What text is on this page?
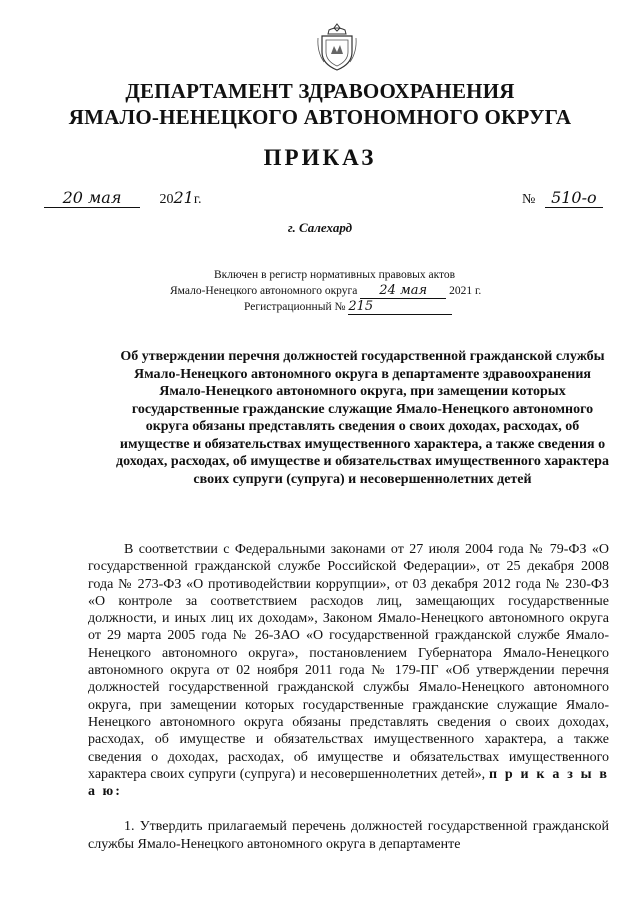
ДЕПАРТАМЕНТ ЗДРАВООХРАНЕНИЯ
ЯМАЛО-НЕНЕЦКОГО АВТОНОМНОГО ОКРУГА
ПРИКАЗ
20 мая	2021г.	№ 510-о
г. Салехард
Включен в регистр нормативных правовых актов
Ямало-Ненецкого автономного округа 24 мая 2021 г.
Регистрационный № 215
Об утверждении перечня должностей государственной гражданской службы Ямало-Ненецкого автономного округа в департаменте здравоохранения Ямало-Ненецкого автономного округа, при замещении которых государственные гражданские служащие Ямало-Ненецкого автономного округа обязаны представлять сведения о своих доходах, расходах, об имуществе и обязательствах имущественного характера, а также сведения о доходах, расходах, об имуществе и обязательствах имущественного характера своих супруги (супруга) и несовершеннолетних детей

В соответствии с Федеральными законами от 27 июля 2004 года № 79-ФЗ «О государственной гражданской службе Российской Федерации», от 25 декабря 2008 года № 273-ФЗ «О противодействии коррупции», от 03 декабря 2012 года № 230-ФЗ «О контроле за соответствием расходов лиц, замещающих государственные должности, и иных лиц их доходам», Законом Ямало-Ненецкого автономного округа от 29 марта 2005 года № 26-ЗАО «О государственной гражданской службе Ямало-Ненецкого автономного округа», постановлением Губернатора Ямало-Ненецкого автономного округа от 02 ноября 2011 года № 179-ПГ «Об утверждении перечня должностей государственной гражданской службы Ямало-Ненецкого автономного округа, при замещении которых государственные гражданские служащие Ямало-Ненецкого автономного округа обязаны представлять сведения о своих доходах, расходах, об имуществе и обязательствах имущественного характера, а также сведения о доходах, расходах, об имуществе и обязательствах имущественного характера своих супруги (супруга) и несовершеннолетних детей», п р и к а з ы в а ю:

1. Утвердить прилагаемый перечень должностей государственной гражданской службы Ямало-Ненецкого автономного округа в департаменте
